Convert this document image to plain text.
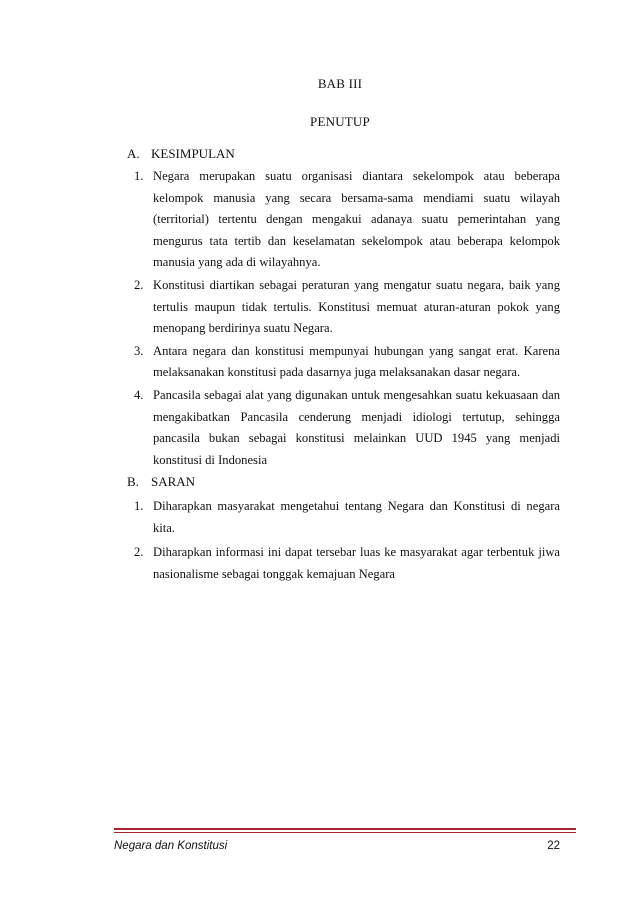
BAB III
PENUTUP
A. KESIMPULAN
1. Negara merupakan suatu organisasi diantara sekelompok atau beberapa kelompok manusia yang secara bersama-sama mendiami suatu wilayah (territorial) tertentu dengan mengakui adanaya suatu pemerintahan yang mengurus tata tertib dan keselamatan sekelompok atau beberapa kelompok manusia yang ada di wilayahnya.
2. Konstitusi diartikan sebagai peraturan yang mengatur suatu negara, baik yang tertulis maupun tidak tertulis. Konstitusi memuat aturan-aturan pokok yang menopang berdirinya suatu Negara.
3. Antara negara dan konstitusi mempunyai hubungan yang sangat erat. Karena melaksanakan konstitusi pada dasarnya juga melaksanakan dasar negara.
4. Pancasila sebagai alat yang digunakan untuk mengesahkan suatu kekuasaan dan mengakibatkan Pancasila cenderung menjadi idiologi tertutup, sehingga pancasila bukan sebagai konstitusi melainkan UUD 1945 yang menjadi konstitusi di Indonesia
B. SARAN
1. Diharapkan masyarakat mengetahui tentang Negara dan Konstitusi di negara kita.
2. Diharapkan informasi ini dapat tersebar luas ke masyarakat agar terbentuk jiwa nasionalisme sebagai tonggak kemajuan Negara
Negara dan Konstitusi	22
